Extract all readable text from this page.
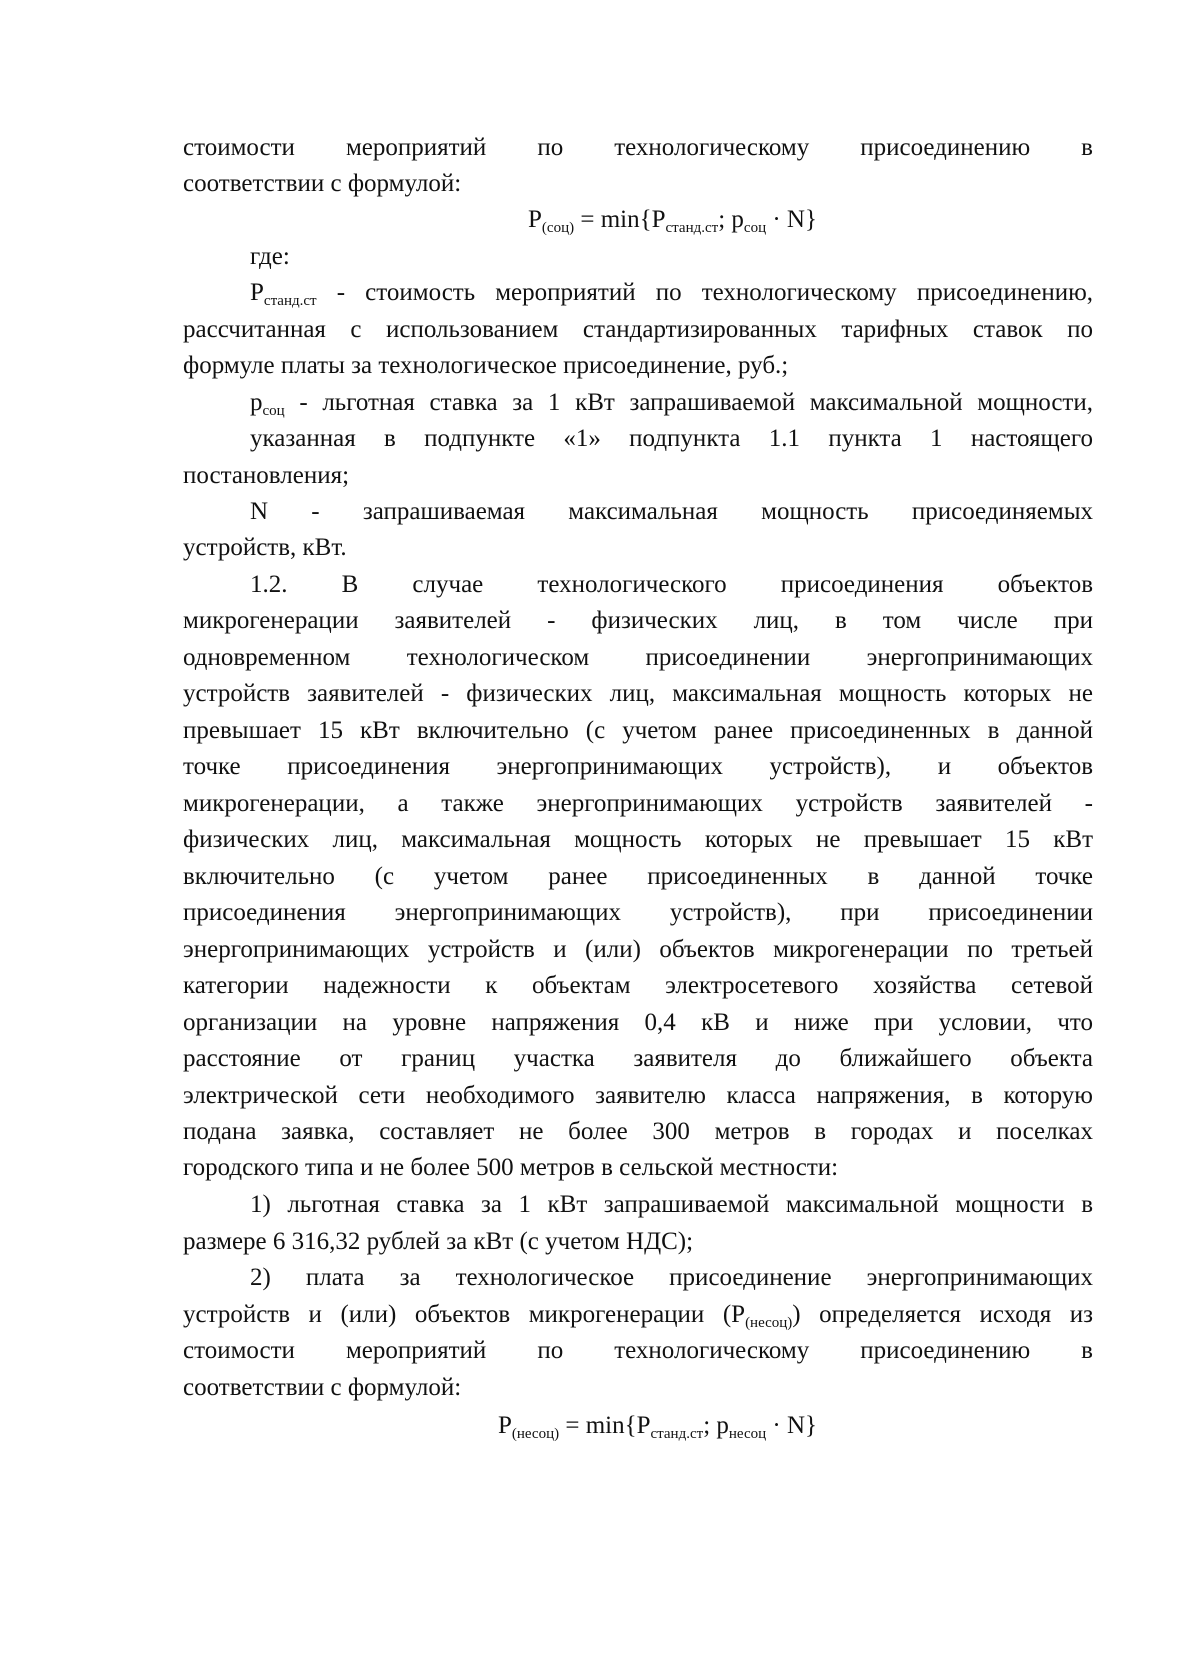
стоимости мероприятий по технологическому присоединению в
соответствии с формулой:
$P_{(соц)} = \min\{P_{станд.ст}$; $p_{соц} \cdot N$}
где:
$P_{станд.ст}$ - стоимость мероприятий по технологическому присоединению,
рассчитанная с использованием стандартизированных тарифных ставок по
формуле платы за технологическое присоединение, руб.;
$p_{соц}$ - льготная ставка за 1 кВт запрашиваемой максимальной мощности,
указанная в подпункте «1» подпункта 1.1 пункта 1 настоящего
постановления;
N - запрашиваемая максимальная мощность присоединяемых
устройств, кВт.
1.2. В случае технологического присоединения объектов
микрогенерации заявителей - физических лиц, в том числе при
одновременном технологическом присоединении энергопринимающих
устройств заявителей - физических лиц, максимальная мощность которых не
превышает 15 кВт включительно (с учетом ранее присоединенных в данной
точке присоединения энергопринимающих устройств), и объектов
микрогенерации, а также энергопринимающих устройств заявителей -
физических лиц, максимальная мощность которых не превышает 15 кВт
включительно (с учетом ранее присоединенных в данной точке
присоединения энергопринимающих устройств), при присоединении
энергопринимающих устройств и (или) объектов микрогенерации по третьей
категории надежности к объектам электросетевого хозяйства сетевой
организации на уровне напряжения 0,4 кВ и ниже при условии, что
расстояние от границ участка заявителя до ближайшего объекта
электрической сети необходимого заявителю класса напряжения, в которую
подана заявка, составляет не более 300 метров в городах и поселках
городского типа и не более 500 метров в сельской местности:
1) льготная ставка за 1 кВт запрашиваемой максимальной мощности в
размере 6 316,32 рублей за кВт (с учетом НДС);
2) плата за технологическое присоединение энергопринимающих
устройств и (или) объектов микрогенерации $(P_{(несоц)})$ определяется исходя из
стоимости мероприятий по технологическому присоединению в
соответствии с формулой:
$P_{(несоц)} = \min\{P_{станд.ст}$; $p_{несоц} \cdot N$}
